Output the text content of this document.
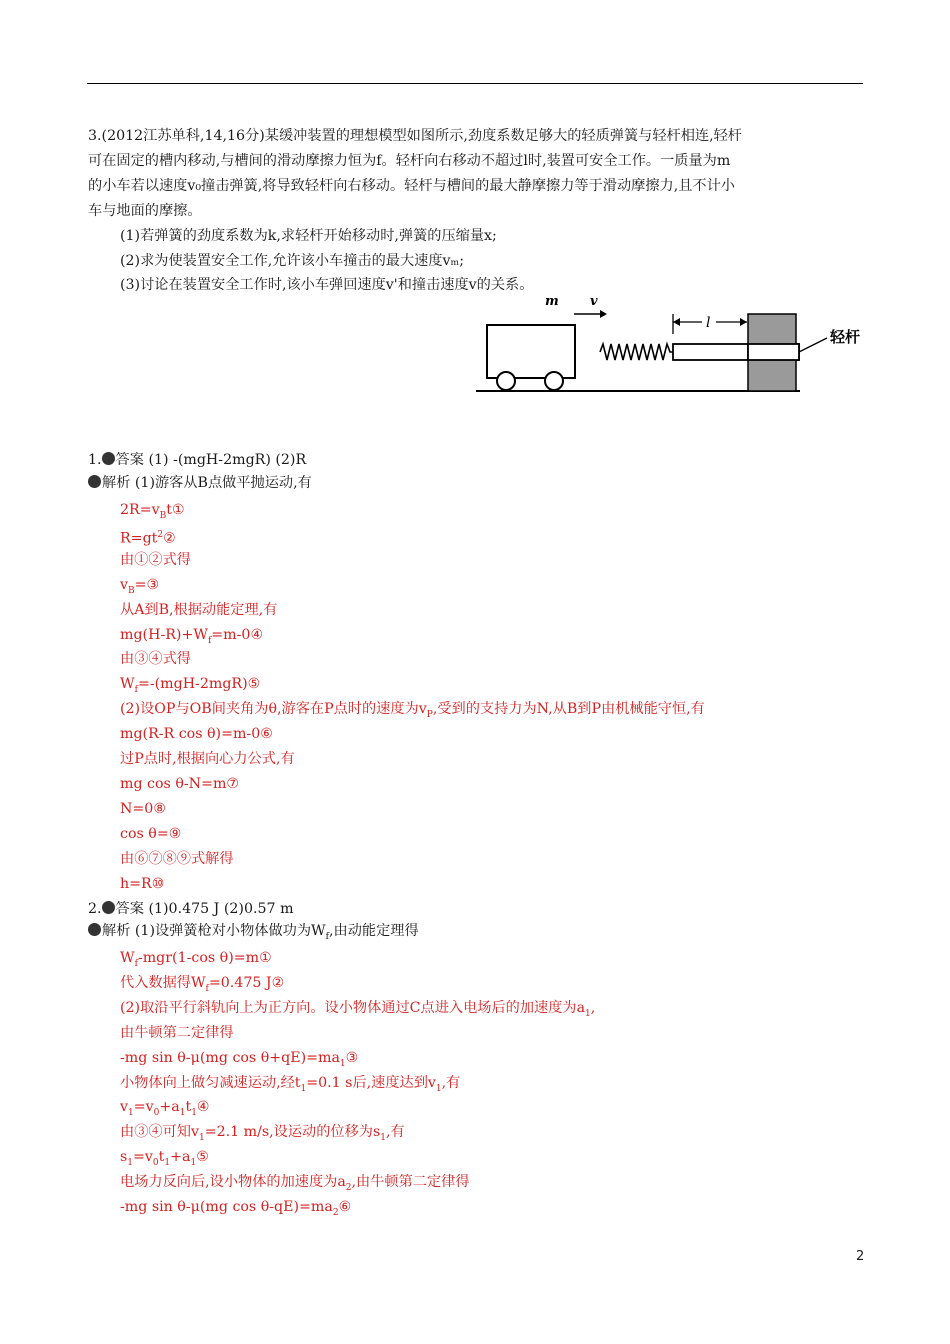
3.(2012江苏单科,14,16分)某缓冲装置的理想模型如图所示,劲度系数足够大的轻质弹簧与轻杆相连,轻杆
可在固定的槽内移动,与槽间的滑动摩擦力恒为f。轻杆向右移动不超过l时,装置可安全工作。一质量为m
的小车若以速度v₀撞击弹簧,将导致轻杆向右移动。轻杆与槽间的最大静摩擦力等于滑动摩擦力,且不计小
车与地面的摩擦。
(1)若弹簧的劲度系数为k,求轻杆开始移动时,弹簧的压缩量x;
(2)求为使装置安全工作,允许该小车撞击的最大速度vₘ;
(3)讨论在装置安全工作时,该小车弹回速度v'和撞击速度v的关系。
m v
l
轻杆
1. 答案 (1) -(mgH-2mgR) (2)R
解析 (1)游客从B点做平抛运动,有
$2R=v_Bt①$
$R=gt^2②$
由①②式得
$v_B=③$
从A到B,根据动能定理,有
$mg(H-R)+W_f=m-0④$
由③④式得
$W_f=-(mgH-2mgR)⑤$
(2)设OP与OB间夹角为θ,游客在P点时的速度为$v_P$,受到的支持力为N,从B到P由机械能守恒,有
mg(R-R cos θ)=m-0⑥
过P点时,根据向心力公式,有
mg cos θ-N=m⑦
N=0⑧
cos θ=⑨
由⑥⑦⑧⑨式解得
h=R⑩
2. 答案 (1)0.475 J (2)0.57 m
解析 (1)设弹簧枪对小物体做功为$W_f$,由动能定理得
$W_f-mgr(1-\cos$ θ)=m①
代入数据得$W_f=0.475$ J②
(2)取沿平行斜轨向上为正方向。设小物体通过C点进入电场后的加速度为$a_1$,
由牛顿第二定律得
-mg sin θ-μ(mg $\cos \theta+qE)=ma_1③$
小物体向上做匀减速运动,经$t_1=0.1$ s后,速度达到$v_1$,有
$v_1=v_0+a_1t_1④$
由③④可知$v_1=2.1$ m/s,设运动的位移为$s_1$,有
$s_1=v_0t_1+a_1⑤$
电场力反向后,设小物体的加速度为$a_2$,由牛顿第二定律得
-mg sin θ-μ(mg $\cos \theta-qE)=ma_2⑥$
2
